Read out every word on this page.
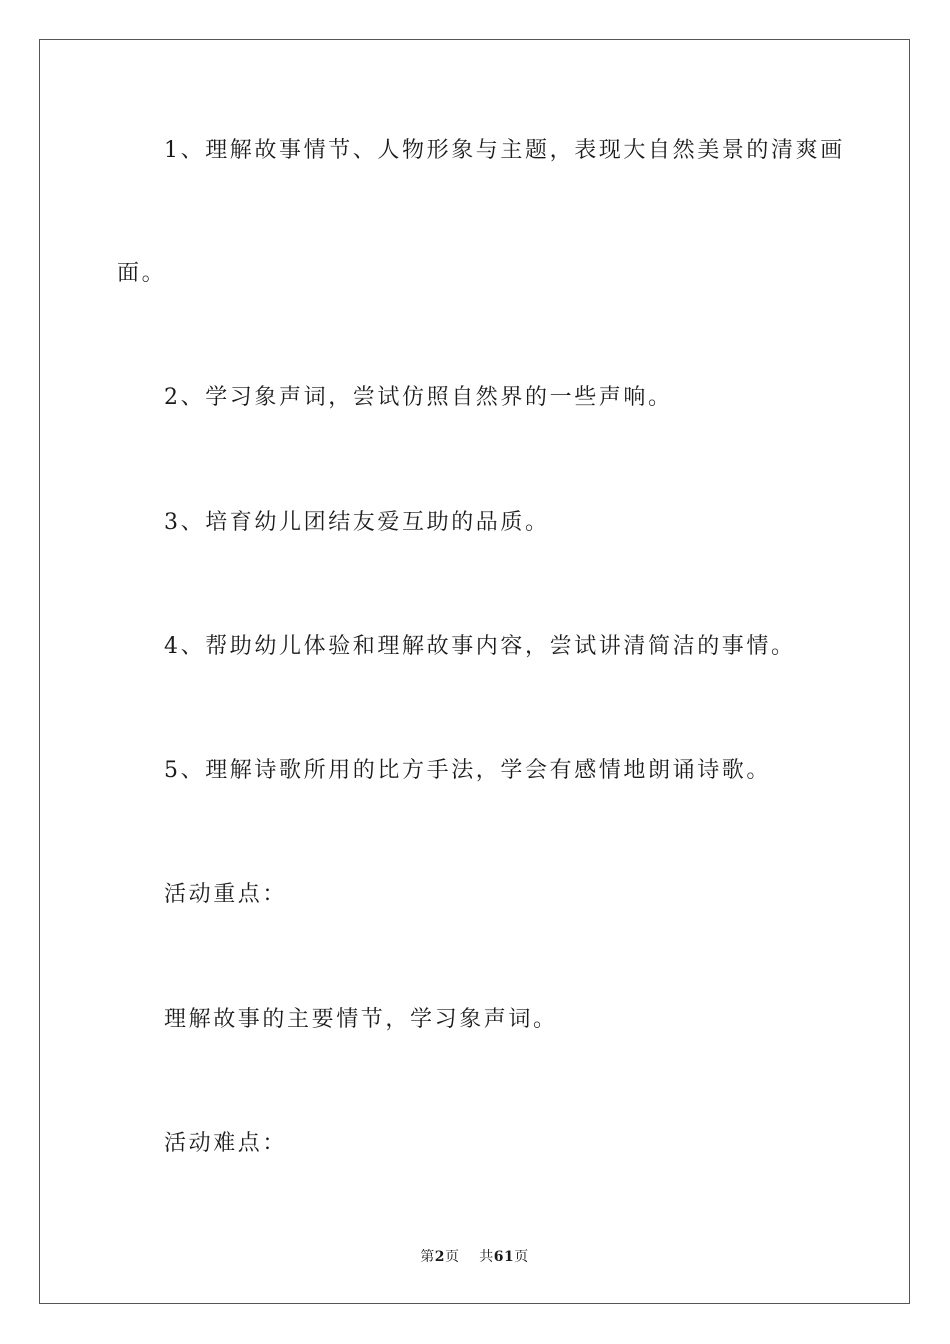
1、理解故事情节、人物形象与主题，表现大自然美景的清爽画
面。
2、学习象声词，尝试仿照自然界的一些声响。
3、培育幼儿团结友爱互助的品质。
4、帮助幼儿体验和理解故事内容，尝试讲清简洁的事情。
5、理解诗歌所用的比方手法，学会有感情地朗诵诗歌。
活动重点：
理解故事的主要情节，学习象声词。
活动难点：
第2页 共61页
